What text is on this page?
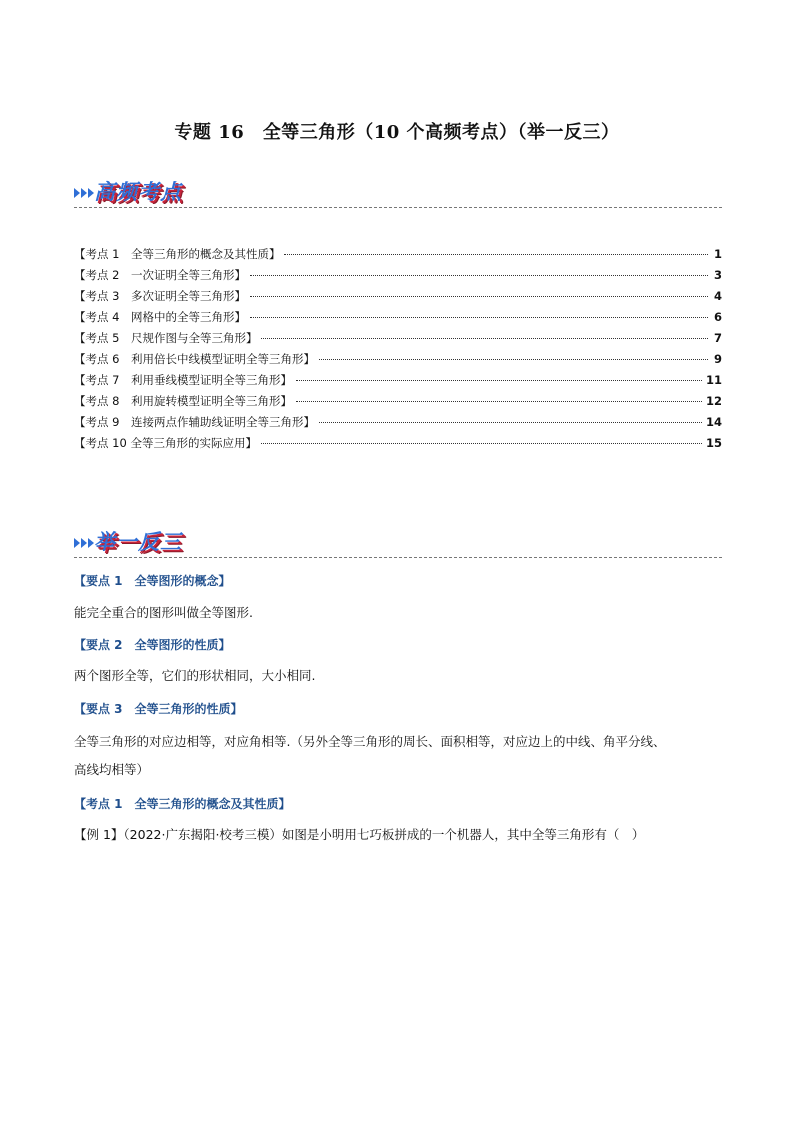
专题 16　全等三角形（10 个高频考点）（举一反三）
高频考点
【考点 1　全等三角形的概念及其性质】	1
【考点 2　一次证明全等三角形】	3
【考点 3　多次证明全等三角形】	4
【考点 4　网格中的全等三角形】	6
【考点 5　尺规作图与全等三角形】	7
【考点 6　利用倍长中线模型证明全等三角形】	9
【考点 7　利用垂线模型证明全等三角形】	11
【考点 8　利用旋转模型证明全等三角形】	12
【考点 9　连接两点作辅助线证明全等三角形】	14
【考点 10 全等三角形的实际应用】	15
举一反三
【要点 1　全等图形的概念】
能完全重合的图形叫做全等图形.
【要点 2　全等图形的性质】
两个图形全等，它们的形状相同，大小相同.
【要点 3　全等三角形的性质】
全等三角形的对应边相等，对应角相等.（另外全等三角形的周长、面积相等，对应边上的中线、角平分线、
高线均相等）
【考点 1　全等三角形的概念及其性质】
【例 1】（2022·广东揭阳·校考三模）如图是小明用七巧板拼成的一个机器人，其中全等三角形有（　）
